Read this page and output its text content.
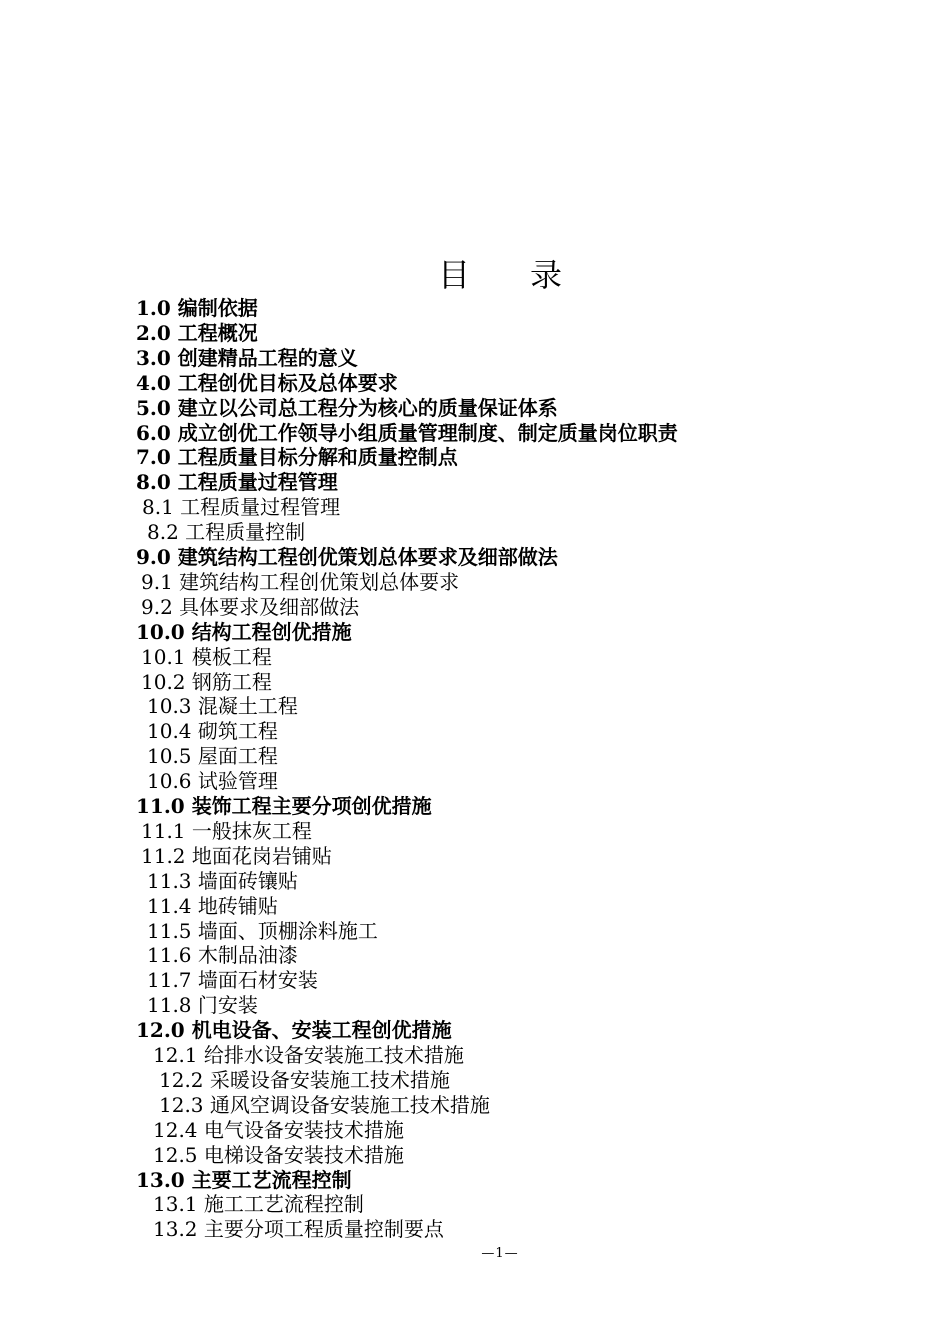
目 录
1.0 编制依据
2.0 工程概况
3.0 创建精品工程的意义
4.0 工程创优目标及总体要求
5.0 建立以公司总工程分为核心的质量保证体系
6.0 成立创优工作领导小组质量管理制度、制定质量岗位职责
7.0 工程质量目标分解和质量控制点
8.0 工程质量过程管理
8.1 工程质量过程管理
8.2 工程质量控制
9.0 建筑结构工程创优策划总体要求及细部做法
9.1 建筑结构工程创优策划总体要求
9.2 具体要求及细部做法
10.0 结构工程创优措施
10.1 模板工程
10.2 钢筋工程
10.3 混凝土工程
10.4 砌筑工程
10.5 屋面工程
10.6 试验管理
11.0 装饰工程主要分项创优措施
11.1 一般抹灰工程
11.2 地面花岗岩铺贴
11.3 墙面砖镶贴
11.4 地砖铺贴
11.5 墙面、顶棚涂料施工
11.6 木制品油漆
11.7 墙面石材安装
11.8 门安装
12.0 机电设备、安装工程创优措施
12.1 给排水设备安装施工技术措施
12.2 采暖设备安装施工技术措施
12.3 通风空调设备安装施工技术措施
12.4 电气设备安装技术措施
12.5 电梯设备安装技术措施
13.0 主要工艺流程控制
13.1 施工工艺流程控制
13.2 主要分项工程质量控制要点
—1—
